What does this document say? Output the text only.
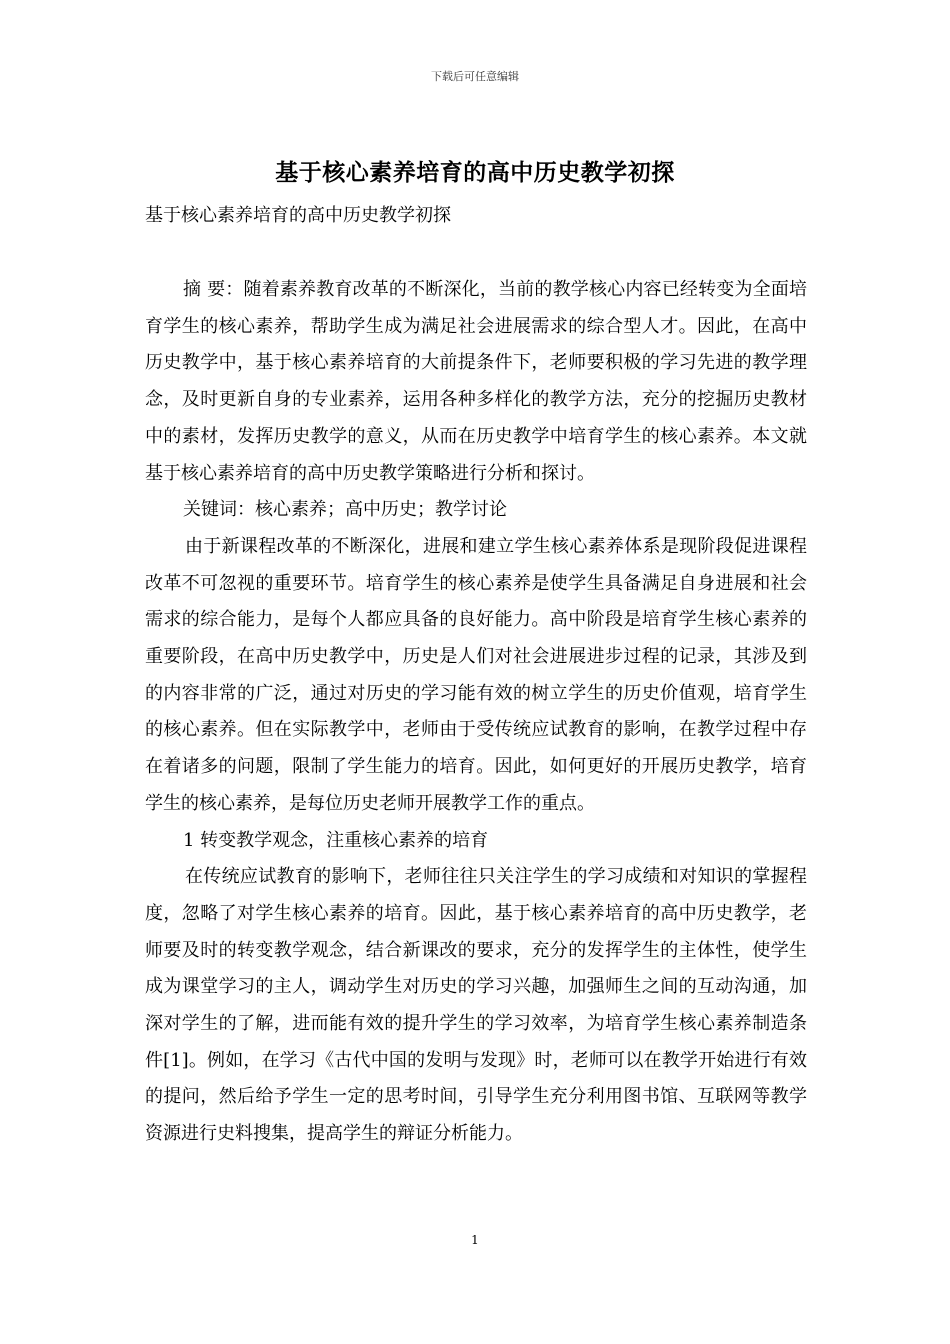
下载后可任意编辑
基于核心素养培育的高中历史教学初探
基于核心素养培育的高中历史教学初探

摘 要：随着素养教育改革的不断深化，当前的教学核心内容已经转变为全面培育学生的核心素养，帮助学生成为满足社会进展需求的综合型人才。因此，在高中历史教学中，基于核心素养培育的大前提条件下，老师要积极的学习先进的教学理念，及时更新自身的专业素养，运用各种多样化的教学方法，充分的挖掘历史教材中的素材，发挥历史教学的意义，从而在历史教学中培育学生的核心素养。本文就基于核心素养培育的高中历史教学策略进行分析和探讨。

关键词：核心素养；高中历史；教学讨论

由于新课程改革的不断深化，进展和建立学生核心素养体系是现阶段促进课程改革不可忽视的重要环节。培育学生的核心素养是使学生具备满足自身进展和社会需求的综合能力，是每个人都应具备的良好能力。高中阶段是培育学生核心素养的重要阶段，在高中历史教学中，历史是人们对社会进展进步过程的记录，其涉及到的内容非常的广泛，通过对历史的学习能有效的树立学生的历史价值观，培育学生的核心素养。但在实际教学中，老师由于受传统应试教育的影响，在教学过程中存在着诸多的问题，限制了学生能力的培育。因此，如何更好的开展历史教学，培育学生的核心素养，是每位历史老师开展教学工作的重点。

1 转变教学观念，注重核心素养的培育

在传统应试教育的影响下，老师往往只关注学生的学习成绩和对知识的掌握程度，忽略了对学生核心素养的培育。因此，基于核心素养培育的高中历史教学，老师要及时的转变教学观念，结合新课改的要求，充分的发挥学生的主体性，使学生成为课堂学习的主人，调动学生对历史的学习兴趣，加强师生之间的互动沟通，加深对学生的了解，进而能有效的提升学生的学习效率，为培育学生核心素养制造条件[1]。例如，在学习《古代中国的发明与发现》时，老师可以在教学开始进行有效的提问，然后给予学生一定的思考时间，引导学生充分利用图书馆、互联网等教学资源进行史料搜集，提高学生的辩证分析能力。

1
